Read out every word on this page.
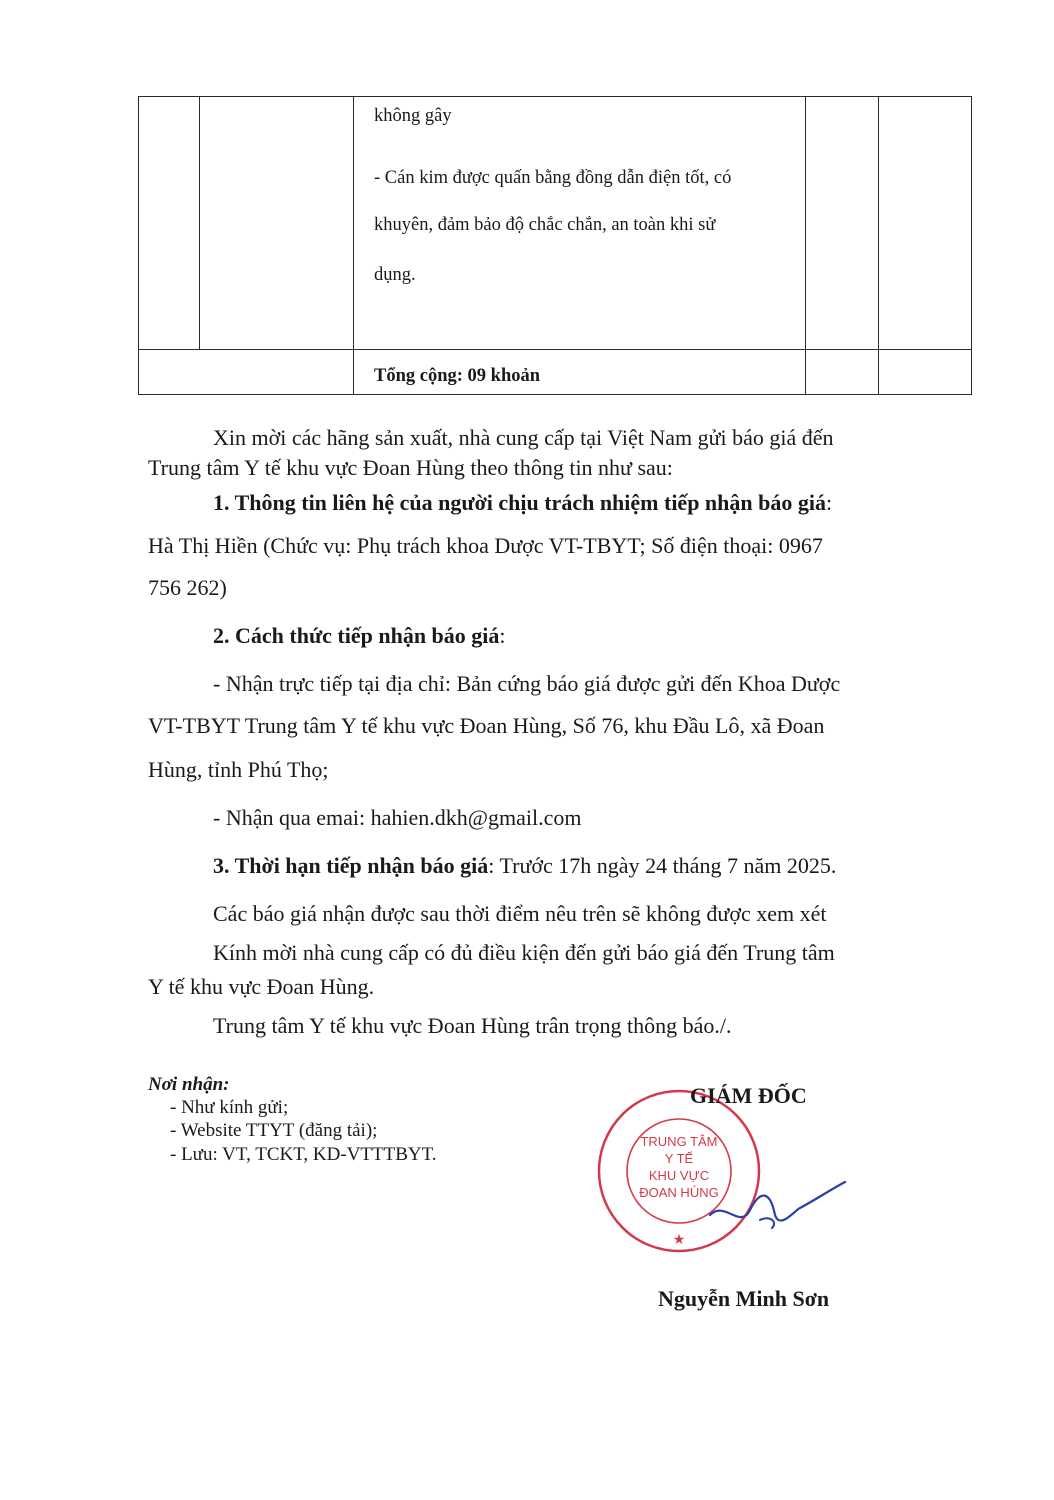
		không gây

- Cán kim được quấn bằng đồng dẫn điện tốt, có

khuyên, đảm bảo độ chắc chắn, an toàn khi sử

dụng.		

		Tổng cộng: 09 khoản		
Xin mời các hãng sản xuất, nhà cung cấp tại Việt Nam gửi báo giá đến
Trung tâm Y tế khu vực Đoan Hùng theo thông tin như sau:
1. Thông tin liên hệ của người chịu trách nhiệm tiếp nhận báo giá:
Hà Thị Hiền (Chức vụ: Phụ trách khoa Dược VT-TBYT; Số điện thoại: 0967
756 262)
2. Cách thức tiếp nhận báo giá:
- Nhận trực tiếp tại địa chỉ: Bản cứng báo giá được gửi đến Khoa Dược
VT-TBYT Trung tâm Y tế khu vực Đoan Hùng, Số 76, khu Đầu Lô, xã Đoan
Hùng, tỉnh Phú Thọ;
- Nhận qua emai: hahien.dkh@gmail.com
3. Thời hạn tiếp nhận báo giá: Trước 17h ngày 24 tháng 7 năm 2025.
Các báo giá nhận được sau thời điểm nêu trên sẽ không được xem xét
Kính mời nhà cung cấp có đủ điều kiện đến gửi báo giá đến Trung tâm
Y tế khu vực Đoan Hùng.
Trung tâm Y tế khu vực Đoan Hùng trân trọng thông báo./.
Nơi nhận:
- Như kính gửi;
- Website TTYT (đăng tải);
- Lưu: VT, TCKT, KD-VTTTBYT.
TRUNG TÂM
Y TẾ
KHU VỰC
ĐOAN HÙNG
★
GIÁM ĐỐC
Nguyễn Minh Sơn
